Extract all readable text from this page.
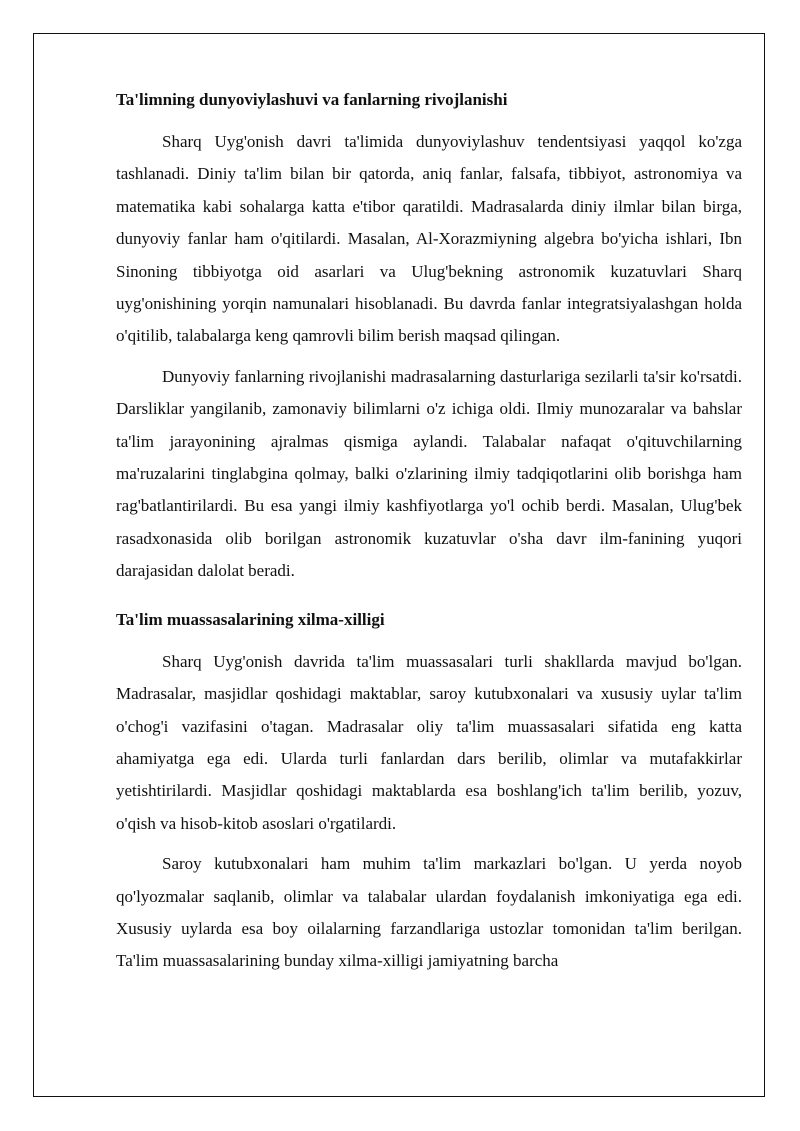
Ta'limning dunyoviylashuvi va fanlarning rivojlanishi

Sharq Uyg'onish davri ta'limida dunyoviylashuv tendentsiyasi yaqqol ko'zga tashlanadi. Diniy ta'lim bilan bir qatorda, aniq fanlar, falsafa, tibbiyot, astronomiya va matematika kabi sohalarga katta e'tibor qaratildi. Madrasalarda diniy ilmlar bilan birga, dunyoviy fanlar ham o'qitilardi. Masalan, Al-Xorazmiyning algebra bo'yicha ishlari, Ibn Sinoning tibbiyotga oid asarlari va Ulug'bekning astronomik kuzatuvlari Sharq uyg'onishining yorqin namunalari hisoblanadi. Bu davrda fanlar integratsiyalashgan holda o'qitilib, talabalarga keng qamrovli bilim berish maqsad qilingan.

Dunyoviy fanlarning rivojlanishi madrasalarning dasturlariga sezilarli ta'sir ko'rsatdi. Darsliklar yangilanib, zamonaviy bilimlarni o'z ichiga oldi. Ilmiy munozaralar va bahslar ta'lim jarayonining ajralmas qismiga aylandi. Talabalar nafaqat o'qituvchilarning ma'ruzalarini tinglabgina qolmay, balki o'zlarining ilmiy tadqiqotlarini olib borishga ham rag'batlantirilardi. Bu esa yangi ilmiy kashfiyotlarga yo'l ochib berdi. Masalan, Ulug'bek rasadxonasida olib borilgan astronomik kuzatuvlar o'sha davr ilm-fanining yuqori darajasidan dalolat beradi.

Ta'lim muassasalarining xilma-xilligi

Sharq Uyg'onish davrida ta'lim muassasalari turli shakllarda mavjud bo'lgan. Madrasalar, masjidlar qoshidagi maktablar, saroy kutubxonalari va xususiy uylar ta'lim o'chog'i vazifasini o'tagan. Madrasalar oliy ta'lim muassasalari sifatida eng katta ahamiyatga ega edi. Ularda turli fanlardan dars berilib, olimlar va mutafakkirlar yetishtirilardi. Masjidlar qoshidagi maktablarda esa boshlang'ich ta'lim berilib, yozuv, o'qish va hisob-kitob asoslari o'rgatilardi.

Saroy kutubxonalari ham muhim ta'lim markazlari bo'lgan. U yerda noyob qo'lyozmalar saqlanib, olimlar va talabalar ulardan foydalanish imkoniyatiga ega edi. Xususiy uylarda esa boy oilalarning farzandlariga ustozlar tomonidan ta'lim berilgan. Ta'lim muassasalarining bunday xilma-xilligi jamiyatning barcha
